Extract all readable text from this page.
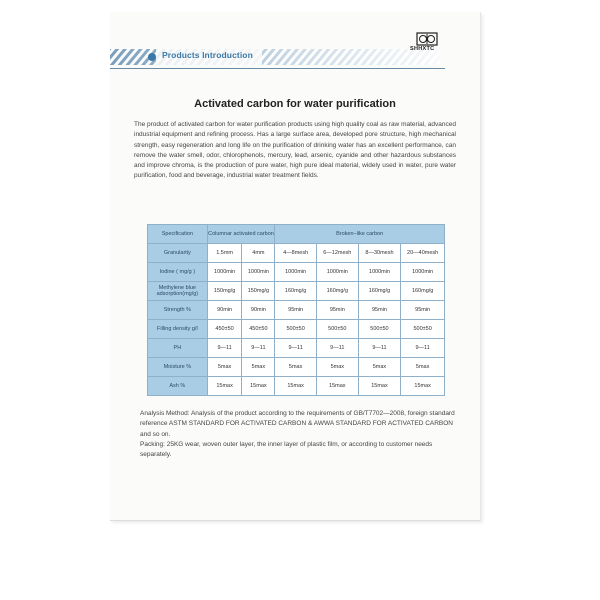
Products Introduction
SHHXTC
Activated carbon for water purification

The product of activated carbon for water purification products using high quality coal as raw material, advanced industrial equipment and refining process. Has a large surface area, developed pore structure, high mechanical strength, easy regeneration and long life on the purification of drinking water has an excellent performance, can remove the water smell, odor, chlorophenols, mercury, lead, arsenic, cyanide and other hazardous substances and improve chroma, is the production of pure water, high pure ideal material, widely used in water, pure water purification, food and beverage, industrial water treatment fields.

Specification	Columnar activated carbon		Broken–like carbon			
Granularity	1.5mm	4mm	4—8mesh	6—12mesh	8—30mesh	20—40mesh
Iodine ( mg/g )	1000min	1000min	1000min	1000min	1000min	1000min
Methylene blue adsorption(mg/g)	150mg/g	150mg/g	160mg/g	160mg/g	160mg/g	160mg/g
Strength %	90min	90min	95min	95min	95min	95min
Filling density g/l	450±50	450±50	500±50	500±50	500±50	500±50
PH	9—11	9—11	9—11	9—11	9—11	9—11
Moisture %	5max	5max	5max	5max	5max	5max
Ash %	15max	15max	15max	15max	15max	15max

Analysis Method: Analysis of the product according to the requirements of GB/T7702—2008, foreign standard reference ASTM STANDARD FOR ACTIVATED CARBON & AWWA STANDARD FOR ACTIVATED CARBON and so on.

Packing: 25KG wear, woven outer layer, the inner layer of plastic film, or according to customer needs separately.
